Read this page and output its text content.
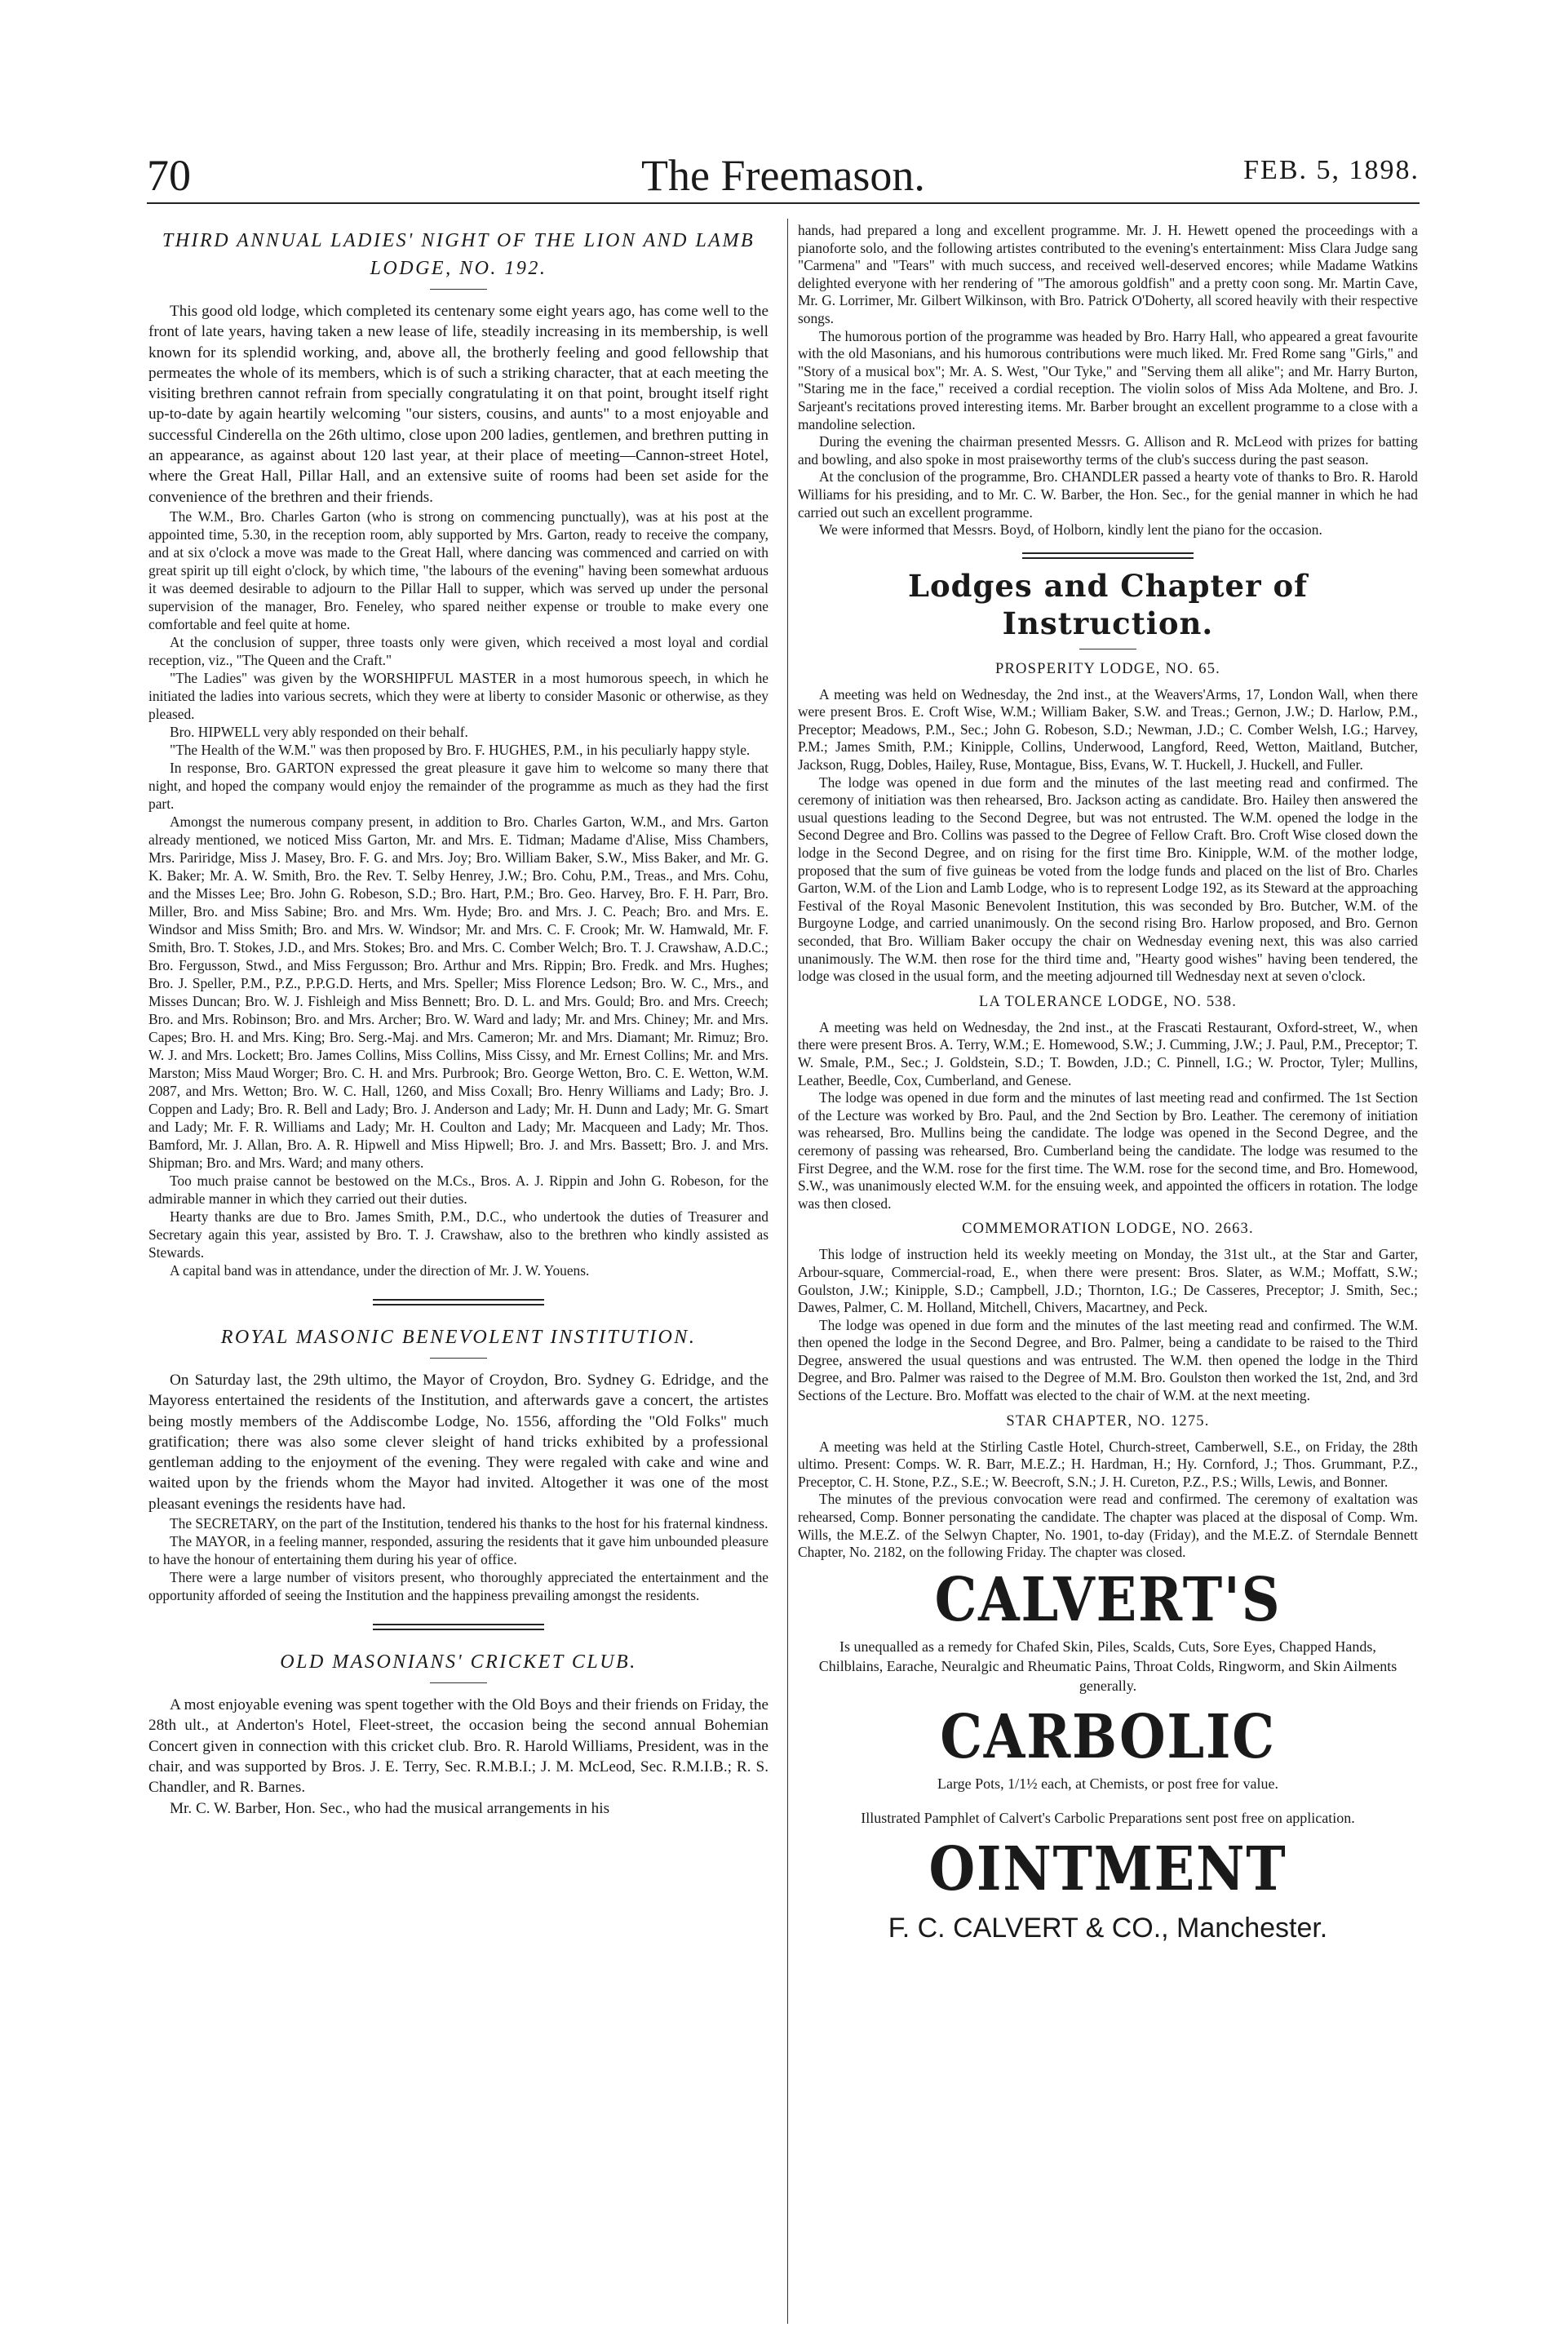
70	The Freemason.	FEB. 5, 1898.
THIRD ANNUAL LADIES' NIGHT OF THE LION AND LAMB LODGE, NO. 192.

This good old lodge, which completed its centenary some eight years ago, has come well to the front of late years, having taken a new lease of life, steadily increasing in its membership, is well known for its splendid working, and, above all, the brotherly feeling and good fellowship that permeates the whole of its members, which is of such a striking character, that at each meeting the visiting brethren cannot refrain from specially congratulating it on that point, brought itself right up-to-date by again heartily welcoming "our sisters, cousins, and aunts" to a most enjoyable and successful Cinderella on the 26th ultimo, close upon 200 ladies, gentlemen, and brethren putting in an appearance, as against about 120 last year, at their place of meeting—Cannon-street Hotel, where the Great Hall, Pillar Hall, and an extensive suite of rooms had been set aside for the convenience of the brethren and their friends.

The W.M., Bro. Charles Garton (who is strong on commencing punctually), was at his post at the appointed time, 5.30, in the reception room, ably supported by Mrs. Garton, ready to receive the company, and at six o'clock a move was made to the Great Hall, where dancing was commenced and carried on with great spirit up till eight o'clock, by which time, "the labours of the evening" having been somewhat arduous it was deemed desirable to adjourn to the Pillar Hall to supper, which was served up under the personal supervision of the manager, Bro. Feneley, who spared neither expense or trouble to make every one comfortable and feel quite at home.

At the conclusion of supper, three toasts only were given, which received a most loyal and cordial reception, viz., "The Queen and the Craft."

"The Ladies" was given by the WORSHIPFUL MASTER in a most humorous speech, in which he initiated the ladies into various secrets, which they were at liberty to consider Masonic or otherwise, as they pleased.

Bro. HIPWELL very ably responded on their behalf.

"The Health of the W.M." was then proposed by Bro. F. HUGHES, P.M., in his peculiarly happy style.

In response, Bro. GARTON expressed the great pleasure it gave him to welcome so many there that night, and hoped the company would enjoy the remainder of the programme as much as they had the first part.

Amongst the numerous company present, in addition to Bro. Charles Garton, W.M., and Mrs. Garton already mentioned, we noticed Miss Garton, Mr. and Mrs. E. Tidman; Madame d'Alise, Miss Chambers, Mrs. Pariridge, Miss J. Masey, Bro. F. G. and Mrs. Joy; Bro. William Baker, S.W., Miss Baker, and Mr. G. K. Baker; Mr. A. W. Smith, Bro. the Rev. T. Selby Henrey, J.W.; Bro. Cohu, P.M., Treas., and Mrs. Cohu, and the Misses Lee; Bro. John G. Robeson, S.D.; Bro. Hart, P.M.; Bro. Geo. Harvey, Bro. F. H. Parr, Bro. Miller, Bro. and Miss Sabine; Bro. and Mrs. Wm. Hyde; Bro. and Mrs. J. C. Peach; Bro. and Mrs. E. Windsor and Miss Smith; Bro. and Mrs. W. Windsor; Mr. and Mrs. C. F. Crook; Mr. W. Hamwald, Mr. F. Smith, Bro. T. Stokes, J.D., and Mrs. Stokes; Bro. and Mrs. C. Comber Welch; Bro. T. J. Crawshaw, A.D.C.; Bro. Fergusson, Stwd., and Miss Fergusson; Bro. Arthur and Mrs. Rippin; Bro. Fredk. and Mrs. Hughes; Bro. J. Speller, P.M., P.Z., P.P.G.D. Herts, and Mrs. Speller; Miss Florence Ledson; Bro. W. C., Mrs., and Misses Duncan; Bro. W. J. Fishleigh and Miss Bennett; Bro. D. L. and Mrs. Gould; Bro. and Mrs. Creech; Bro. and Mrs. Robinson; Bro. and Mrs. Archer; Bro. W. Ward and lady; Mr. and Mrs. Chiney; Mr. and Mrs. Capes; Bro. H. and Mrs. King; Bro. Serg.-Maj. and Mrs. Cameron; Mr. and Mrs. Diamant; Mr. Rimuz; Bro. W. J. and Mrs. Lockett; Bro. James Collins, Miss Collins, Miss Cissy, and Mr. Ernest Collins; Mr. and Mrs. Marston; Miss Maud Worger; Bro. C. H. and Mrs. Purbrook; Bro. George Wetton, Bro. C. E. Wetton, W.M. 2087, and Mrs. Wetton; Bro. W. C. Hall, 1260, and Miss Coxall; Bro. Henry Williams and Lady; Bro. J. Coppen and Lady; Bro. R. Bell and Lady; Bro. J. Anderson and Lady; Mr. H. Dunn and Lady; Mr. G. Smart and Lady; Mr. F. R. Williams and Lady; Mr. H. Coulton and Lady; Mr. Macqueen and Lady; Mr. Thos. Bamford, Mr. J. Allan, Bro. A. R. Hipwell and Miss Hipwell; Bro. J. and Mrs. Bassett; Bro. J. and Mrs. Shipman; Bro. and Mrs. Ward; and many others.

Too much praise cannot be bestowed on the M.Cs., Bros. A. J. Rippin and John G. Robeson, for the admirable manner in which they carried out their duties.

Hearty thanks are due to Bro. James Smith, P.M., D.C., who undertook the duties of Treasurer and Secretary again this year, assisted by Bro. T. J. Crawshaw, also to the brethren who kindly assisted as Stewards.

A capital band was in attendance, under the direction of Mr. J. W. Youens.

ROYAL MASONIC BENEVOLENT INSTITUTION.

On Saturday last, the 29th ultimo, the Mayor of Croydon, Bro. Sydney G. Edridge, and the Mayoress entertained the residents of the Institution, and afterwards gave a concert, the artistes being mostly members of the Addiscombe Lodge, No. 1556, affording the "Old Folks" much gratification; there was also some clever sleight of hand tricks exhibited by a professional gentleman adding to the enjoyment of the evening. They were regaled with cake and wine and waited upon by the friends whom the Mayor had invited. Altogether it was one of the most pleasant evenings the residents have had.

The SECRETARY, on the part of the Institution, tendered his thanks to the host for his fraternal kindness.

The MAYOR, in a feeling manner, responded, assuring the residents that it gave him unbounded pleasure to have the honour of entertaining them during his year of office.

There were a large number of visitors present, who thoroughly appreciated the entertainment and the opportunity afforded of seeing the Institution and the happiness prevailing amongst the residents.

OLD MASONIANS' CRICKET CLUB.

A most enjoyable evening was spent together with the Old Boys and their friends on Friday, the 28th ult., at Anderton's Hotel, Fleet-street, the occasion being the second annual Bohemian Concert given in connection with this cricket club. Bro. R. Harold Williams, President, was in the chair, and was supported by Bros. J. E. Terry, Sec. R.M.B.I.; J. M. McLeod, Sec. R.M.I.B.; R. S. Chandler, and R. Barnes.

Mr. C. W. Barber, Hon. Sec., who had the musical arrangements in his

hands, had prepared a long and excellent programme. Mr. J. H. Hewett opened the proceedings with a pianoforte solo, and the following artistes contributed to the evening's entertainment: Miss Clara Judge sang "Carmena" and "Tears" with much success, and received well-deserved encores; while Madame Watkins delighted everyone with her rendering of "The amorous goldfish" and a pretty coon song. Mr. Martin Cave, Mr. G. Lorrimer, Mr. Gilbert Wilkinson, with Bro. Patrick O'Doherty, all scored heavily with their respective songs.

The humorous portion of the programme was headed by Bro. Harry Hall, who appeared a great favourite with the old Masonians, and his humorous contributions were much liked. Mr. Fred Rome sang "Girls," and "Story of a musical box"; Mr. A. S. West, "Our Tyke," and "Serving them all alike"; and Mr. Harry Burton, "Staring me in the face," received a cordial reception. The violin solos of Miss Ada Moltene, and Bro. J. Sarjeant's recitations proved interesting items. Mr. Barber brought an excellent programme to a close with a mandoline selection.

During the evening the chairman presented Messrs. G. Allison and R. McLeod with prizes for batting and bowling, and also spoke in most praiseworthy terms of the club's success during the past season.

At the conclusion of the programme, Bro. CHANDLER passed a hearty vote of thanks to Bro. R. Harold Williams for his presiding, and to Mr. C. W. Barber, the Hon. Sec., for the genial manner in which he had carried out such an excellent programme.

We were informed that Messrs. Boyd, of Holborn, kindly lent the piano for the occasion.

Lodges and Chapter of Instruction.
PROSPERITY LODGE, NO. 65.

A meeting was held on Wednesday, the 2nd inst., at the Weavers'Arms, 17, London Wall, when there were present Bros. E. Croft Wise, W.M.; William Baker, S.W. and Treas.; Gernon, J.W.; D. Harlow, P.M., Preceptor; Meadows, P.M., Sec.; John G. Robeson, S.D.; Newman, J.D.; C. Comber Welsh, I.G.; Harvey, P.M.; James Smith, P.M.; Kinipple, Collins, Underwood, Langford, Reed, Wetton, Maitland, Butcher, Jackson, Rugg, Dobles, Hailey, Ruse, Montague, Biss, Evans, W. T. Huckell, J. Huckell, and Fuller.

The lodge was opened in due form and the minutes of the last meeting read and confirmed. The ceremony of initiation was then rehearsed, Bro. Jackson acting as candidate. Bro. Hailey then answered the usual questions leading to the Second Degree, but was not entrusted. The W.M. opened the lodge in the Second Degree and Bro. Collins was passed to the Degree of Fellow Craft. Bro. Croft Wise closed down the lodge in the Second Degree, and on rising for the first time Bro. Kinipple, W.M. of the mother lodge, proposed that the sum of five guineas be voted from the lodge funds and placed on the list of Bro. Charles Garton, W.M. of the Lion and Lamb Lodge, who is to represent Lodge 192, as its Steward at the approaching Festival of the Royal Masonic Benevolent Institution, this was seconded by Bro. Butcher, W.M. of the Burgoyne Lodge, and carried unanimously. On the second rising Bro. Harlow proposed, and Bro. Gernon seconded, that Bro. William Baker occupy the chair on Wednesday evening next, this was also carried unanimously. The W.M. then rose for the third time and, "Hearty good wishes" having been tendered, the lodge was closed in the usual form, and the meeting adjourned till Wednesday next at seven o'clock.

LA TOLERANCE LODGE, NO. 538.

A meeting was held on Wednesday, the 2nd inst., at the Frascati Restaurant, Oxford-street, W., when there were present Bros. A. Terry, W.M.; E. Homewood, S.W.; J. Cumming, J.W.; J. Paul, P.M., Preceptor; T. W. Smale, P.M., Sec.; J. Goldstein, S.D.; T. Bowden, J.D.; C. Pinnell, I.G.; W. Proctor, Tyler; Mullins, Leather, Beedle, Cox, Cumberland, and Genese.

The lodge was opened in due form and the minutes of last meeting read and confirmed. The 1st Section of the Lecture was worked by Bro. Paul, and the 2nd Section by Bro. Leather. The ceremony of initiation was rehearsed, Bro. Mullins being the candidate. The lodge was opened in the Second Degree, and the ceremony of passing was rehearsed, Bro. Cumberland being the candidate. The lodge was resumed to the First Degree, and the W.M. rose for the first time. The W.M. rose for the second time, and Bro. Homewood, S.W., was unanimously elected W.M. for the ensuing week, and appointed the officers in rotation. The lodge was then closed.

COMMEMORATION LODGE, NO. 2663.

This lodge of instruction held its weekly meeting on Monday, the 31st ult., at the Star and Garter, Arbour-square, Commercial-road, E., when there were present: Bros. Slater, as W.M.; Moffatt, S.W.; Goulston, J.W.; Kinipple, S.D.; Campbell, J.D.; Thornton, I.G.; De Casseres, Preceptor; J. Smith, Sec.; Dawes, Palmer, C. M. Holland, Mitchell, Chivers, Macartney, and Peck.

The lodge was opened in due form and the minutes of the last meeting read and confirmed. The W.M. then opened the lodge in the Second Degree, and Bro. Palmer, being a candidate to be raised to the Third Degree, answered the usual questions and was entrusted. The W.M. then opened the lodge in the Third Degree, and Bro. Palmer was raised to the Degree of M.M. Bro. Goulston then worked the 1st, 2nd, and 3rd Sections of the Lecture. Bro. Moffatt was elected to the chair of W.M. at the next meeting.

STAR CHAPTER, NO. 1275.

A meeting was held at the Stirling Castle Hotel, Church-street, Camberwell, S.E., on Friday, the 28th ultimo. Present: Comps. W. R. Barr, M.E.Z.; H. Hardman, H.; Hy. Cornford, J.; Thos. Grummant, P.Z., Preceptor, C. H. Stone, P.Z., S.E.; W. Beecroft, S.N.; J. H. Cureton, P.Z., P.S.; Wills, Lewis, and Bonner.

The minutes of the previous convocation were read and confirmed. The ceremony of exaltation was rehearsed, Comp. Bonner personating the candidate. The chapter was placed at the disposal of Comp. Wm. Wills, the M.E.Z. of the Selwyn Chapter, No. 1901, to-day (Friday), and the M.E.Z. of Sterndale Bennett Chapter, No. 2182, on the following Friday. The chapter was closed.

CALVERT'S
Is unequalled as a remedy for Chafed Skin, Piles, Scalds, Cuts, Sore Eyes, Chapped Hands, Chilblains, Earache, Neuralgic and Rheumatic Pains, Throat Colds, Ringworm, and Skin Ailments generally.
CARBOLIC
Large Pots, 1/1½ each, at Chemists, or post free for value.
Illustrated Pamphlet of Calvert's Carbolic Preparations sent post free on application.
OINTMENT
F. C. CALVERT & CO., Manchester.
